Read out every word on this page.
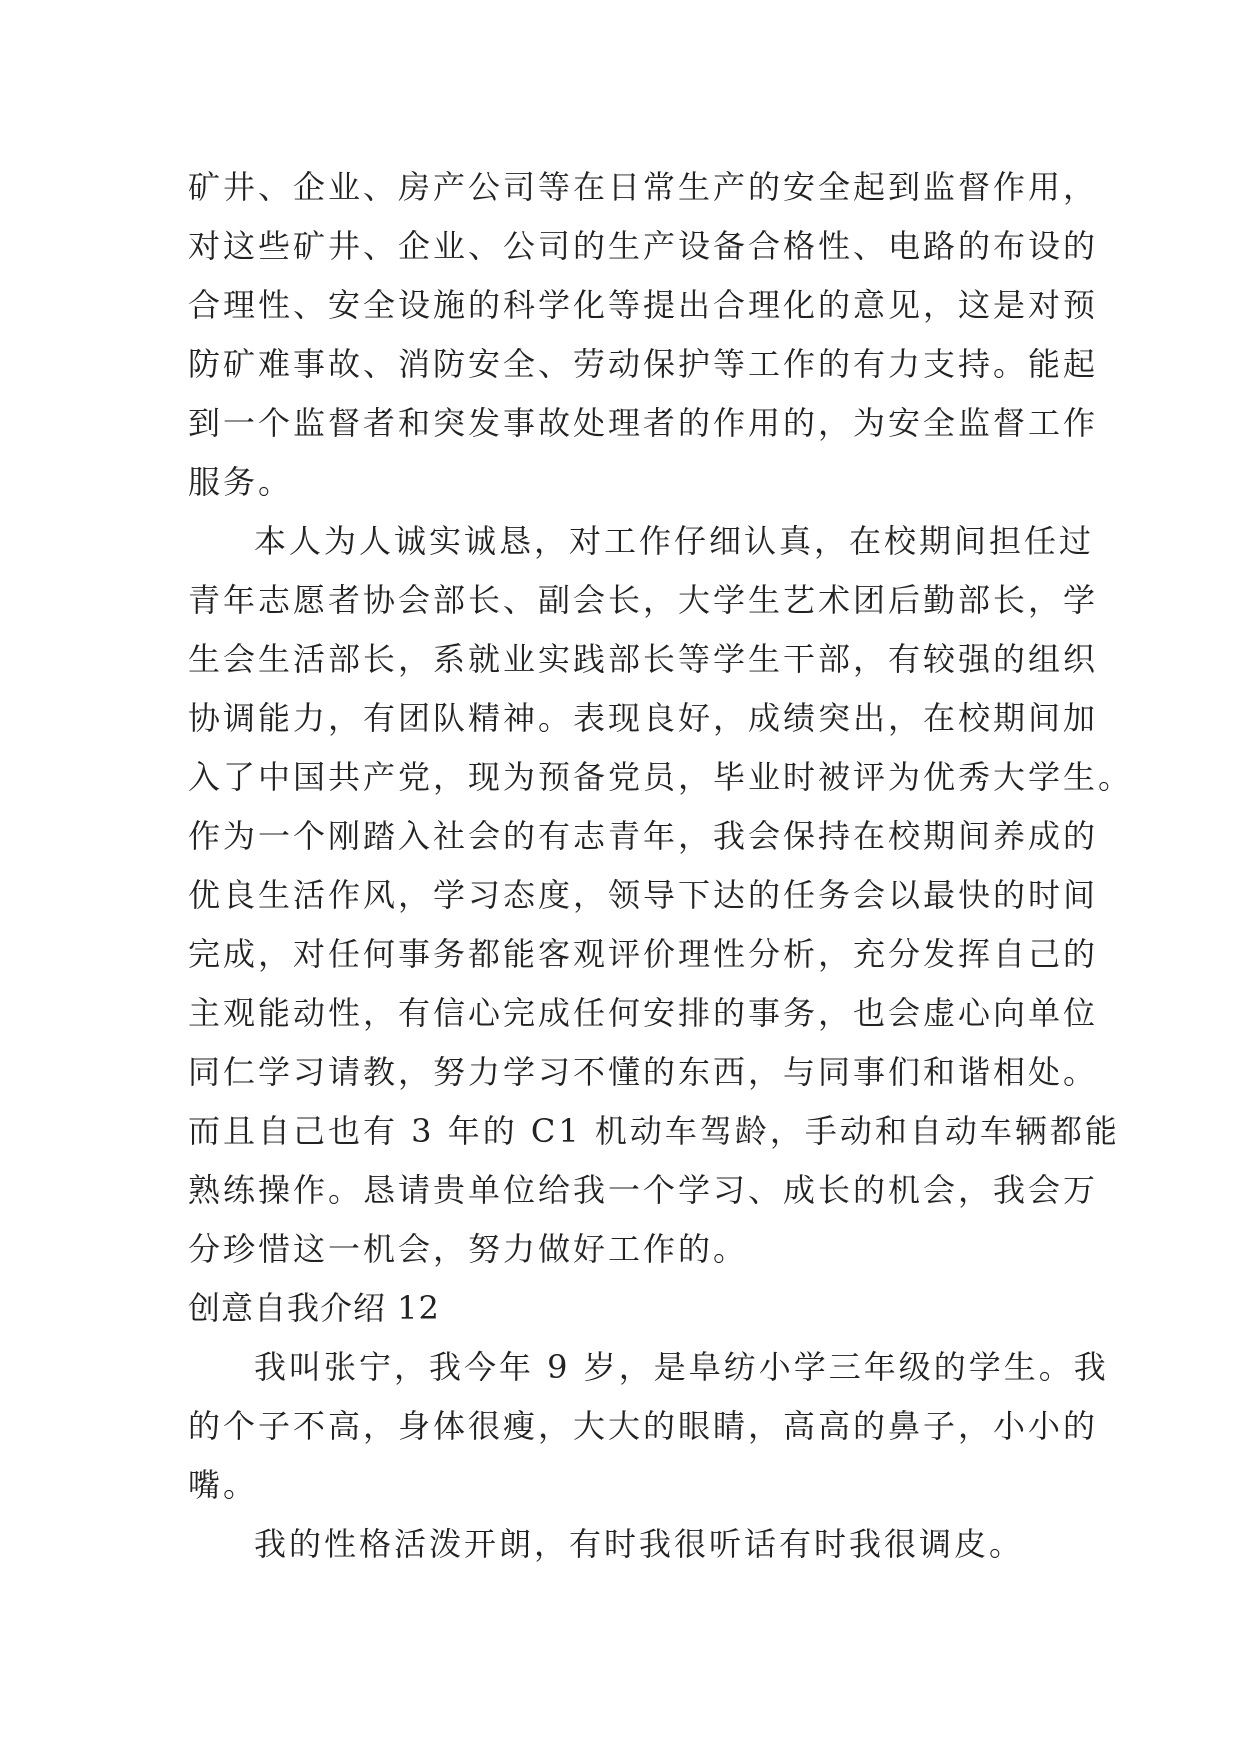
矿井、企业、房产公司等在日常生产的安全起到监督作用，

对这些矿井、企业、公司的生产设备合格性、电路的布设的

合理性、安全设施的科学化等提出合理化的意见，这是对预

防矿难事故、消防安全、劳动保护等工作的有力支持。能起

到一个监督者和突发事故处理者的作用的，为安全监督工作

服务。

本人为人诚实诚恳，对工作仔细认真，在校期间担任过

青年志愿者协会部长、副会长，大学生艺术团后勤部长，学

生会生活部长，系就业实践部长等学生干部，有较强的组织

协调能力，有团队精神。表现良好，成绩突出，在校期间加

入了中国共产党，现为预备党员，毕业时被评为优秀大学生。

作为一个刚踏入社会的有志青年，我会保持在校期间养成的

优良生活作风，学习态度，领导下达的任务会以最快的时间

完成，对任何事务都能客观评价理性分析，充分发挥自己的

主观能动性，有信心完成任何安排的事务，也会虚心向单位

同仁学习请教，努力学习不懂的东西，与同事们和谐相处。

而且自己也有 3 年的 C1 机动车驾龄，手动和自动车辆都能

熟练操作。恳请贵单位给我一个学习、成长的机会，我会万

分珍惜这一机会，努力做好工作的。

创意自我介绍 12

我叫张宁，我今年 9 岁，是阜纺小学三年级的学生。我

的个子不高，身体很瘦，大大的眼睛，高高的鼻子，小小的

嘴。

我的性格活泼开朗，有时我很听话有时我很调皮。
